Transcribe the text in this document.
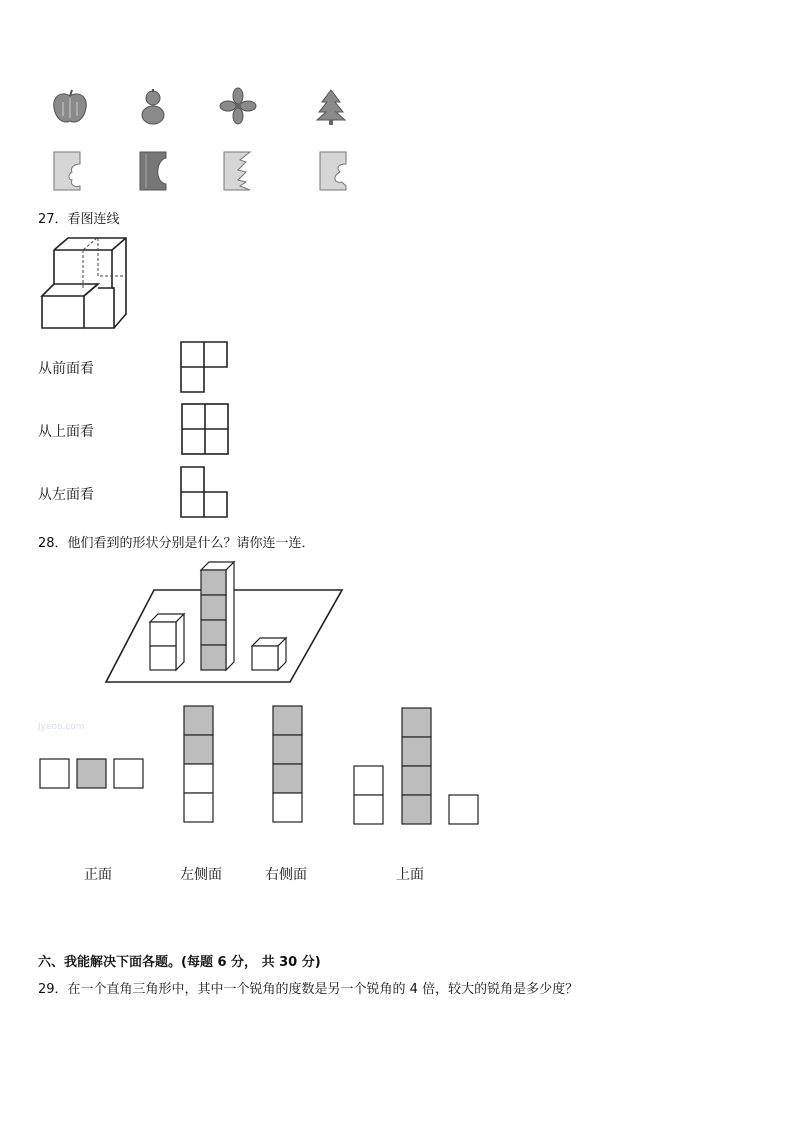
27．看图连线
从前面看
从上面看
从左面看
28．他们看到的形状分别是什么？请你连一连．
Jyeoo.com
正面	左侧面	右侧面	上面
六、我能解决下面各题。(每题 6 分， 共 30 分)
29．在一个直角三角形中，其中一个锐角的度数是另一个锐角的 4 倍，较大的锐角是多少度？
